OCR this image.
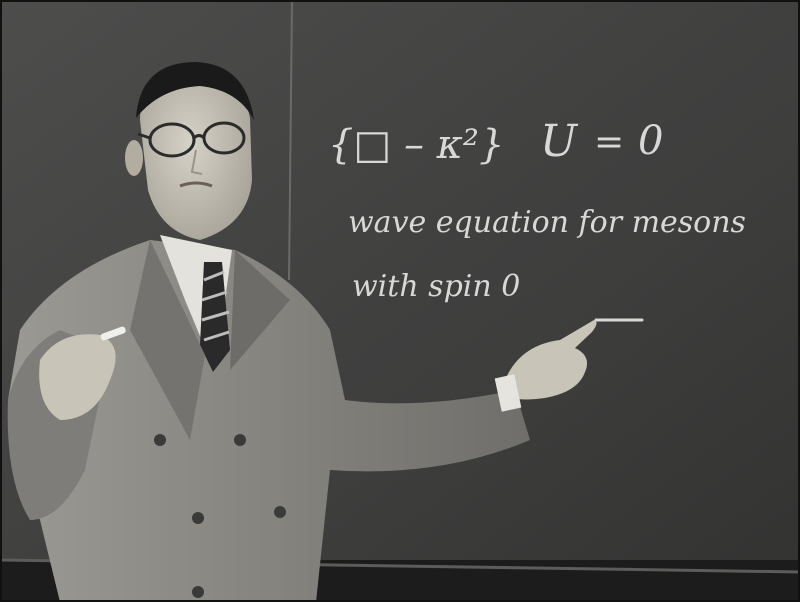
{□ – κ²} U = 0
wave equation for mesons
with spin 0
